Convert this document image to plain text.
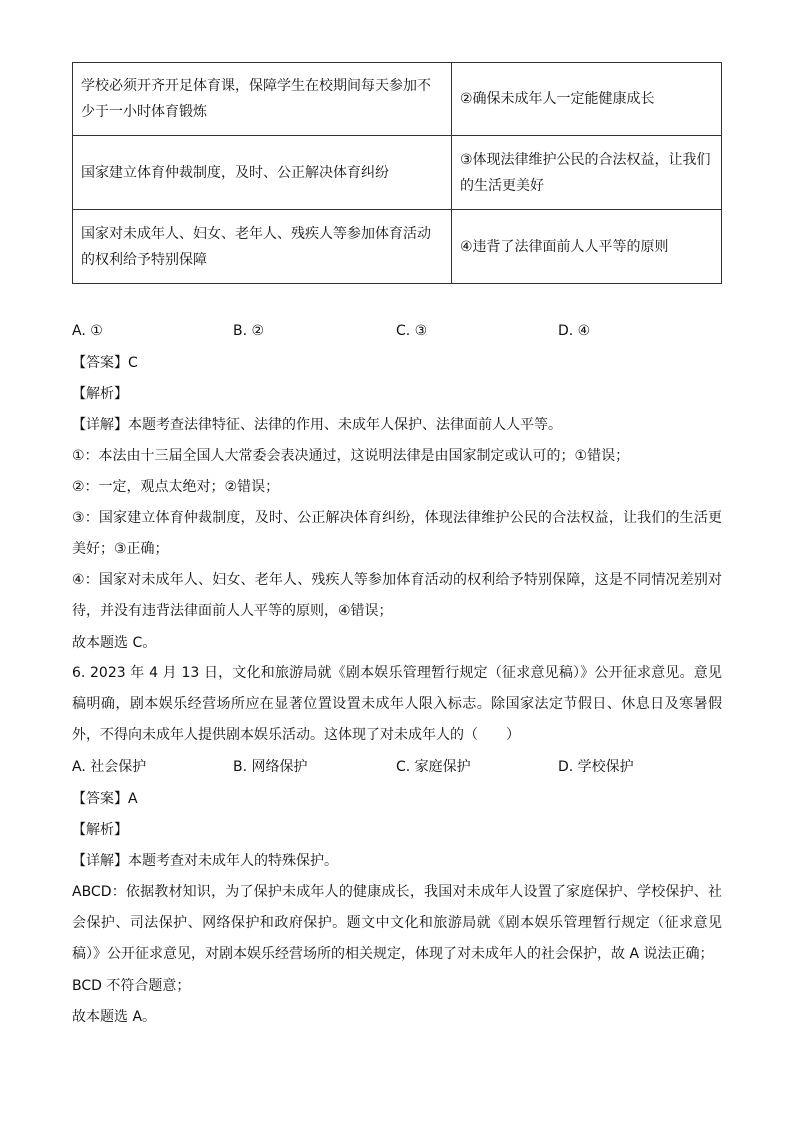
学校必须开齐开足体育课，保障学生在校期间每天参加不少于一小时体育锻炼	②确保未成年人一定能健康成长
国家建立体育仲裁制度，及时、公正解决体育纠纷	③体现法律维护公民的合法权益，让我们的生活更美好
国家对未成年人、妇女、老年人、残疾人等参加体育活动的权利给予特别保障	④违背了法律面前人人平等的原则
A. ①	B. ②	C. ③	D. ④
【答案】C
【解析】
【详解】本题考查法律特征、法律的作用、未成年人保护、法律面前人人平等。
①：本法由十三届全国人大常委会表决通过，这说明法律是由国家制定或认可的；①错误；
②：一定，观点太绝对；②错误；
③：国家建立体育仲裁制度，及时、公正解决体育纠纷，体现法律维护公民的合法权益，让我们的生活更美好；③正确；
④：国家对未成年人、妇女、老年人、残疾人等参加体育活动的权利给予特别保障，这是不同情况差别对待，并没有违背法律面前人人平等的原则，④错误；
故本题选 C。
6. 2023 年 4 月 13 日，文化和旅游局就《剧本娱乐管理暂行规定（征求意见稿）》公开征求意见。意见稿明确，剧本娱乐经营场所应在显著位置设置未成年人限入标志。除国家法定节假日、休息日及寒暑假外，不得向未成年人提供剧本娱乐活动。这体现了对未成年人的（　　）
A. 社会保护	B. 网络保护	C. 家庭保护	D. 学校保护
【答案】A
【解析】
【详解】本题考查对未成年人的特殊保护。
ABCD：依据教材知识，为了保护未成年人的健康成长，我国对未成年人设置了家庭保护、学校保护、社会保护、司法保护、网络保护和政府保护。题文中文化和旅游局就《剧本娱乐管理暂行规定（征求意见稿）》公开征求意见，对剧本娱乐经营场所的相关规定，体现了对未成年人的社会保护，故 A 说法正确；
BCD 不符合题意；
故本题选 A。
